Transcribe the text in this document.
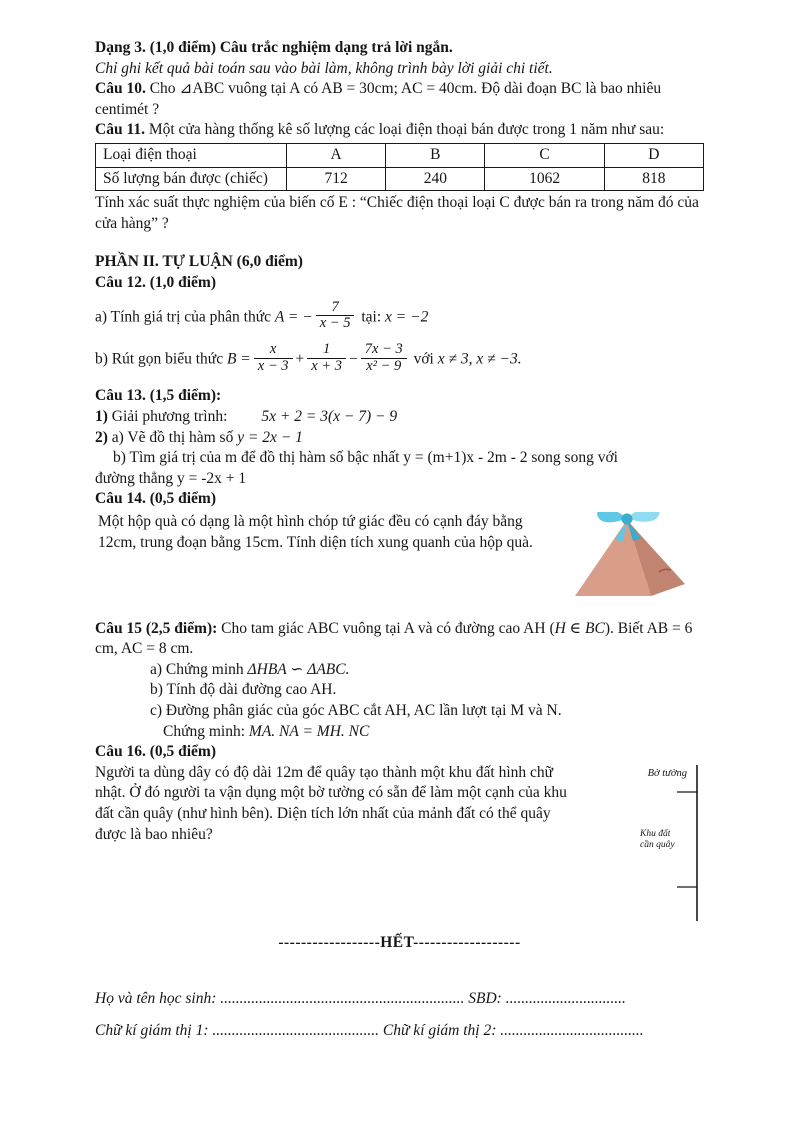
Dạng 3. (1,0 điểm) Câu trắc nghiệm dạng trả lời ngắn.

Chỉ ghi kết quả bài toán sau vào bài làm, không trình bày lời giải chi tiết.

Câu 10. Cho ⊿ABC vuông tại A có AB = 30cm; AC = 40cm. Độ dài đoạn BC là bao nhiêu centimét ?

Câu 11. Một cửa hàng thống kê số lượng các loại điện thoại bán được trong 1 năm như sau:

Loại điện thoại	A	B	C	D
Số lượng bán được (chiếc)	712	240	1062	818

Tính xác suất thực nghiệm của biến cố E : “Chiếc điện thoại loại C được bán ra trong năm đó của cửa hàng” ?

PHẦN II. TỰ LUẬN (6,0 điểm)

Câu 12. (1,0 điểm)

a) Tính giá trị của phân thức A = − $\frac{7}{x - 5}$ tại: x = −2

b) Rút gọn biểu thức $B = \frac{x}{x - 3} + \frac{1}{x + 3} - \frac{7x - 3}{\text{x² − 9}}$ với x ≠ 3, x ≠ −3.

Câu 13. (1,5 điểm):

1) Giải phương trình: 5x + 2 = 3(x − 7) − 9

2) a) Vẽ đồ thị hàm số y = 2x − 1

b) Tìm giá trị của m để đồ thị hàm số bậc nhất y = (m+1)x - 2m - 2 song song với

đường thẳng y = -2x + 1

Câu 14. (0,5 điểm)

Một hộp quà có dạng là một hình chóp tứ giác đều có cạnh đáy bằng 12cm, trung đoạn bằng 15cm. Tính diện tích xung quanh của hộp quà.

Câu 15 (2,5 điểm): Cho tam giác ABC vuông tại A và có đường cao AH (H ∈ BC). Biết AB = 6 cm, AC = 8 cm.

a) Chứng minh ΔHBA ∽ ΔABC.

b) Tính độ dài đường cao AH.

c) Đường phân giác của góc ABC cắt AH, AC lần lượt tại M và N.

Chứng minh: MA. NA = MH. NC

Câu 16. (0,5 điểm)

Bờ tường
Khu đất cần quây

Người ta dùng dây có độ dài 12m để quây tạo thành một khu đất hình chữ nhật. Ở đó người ta vận dụng một bờ tường có sẵn để làm một cạnh của khu đất cần quây (như hình bên). Diện tích lớn nhất của mảnh đất có thể quây được là bao nhiêu?

------------------HẾT-------------------

Họ và tên học sinh: ............................................................... SBD: ...............................

Chữ kí giám thị 1: ........................................... Chữ kí giám thị 2: .....................................
